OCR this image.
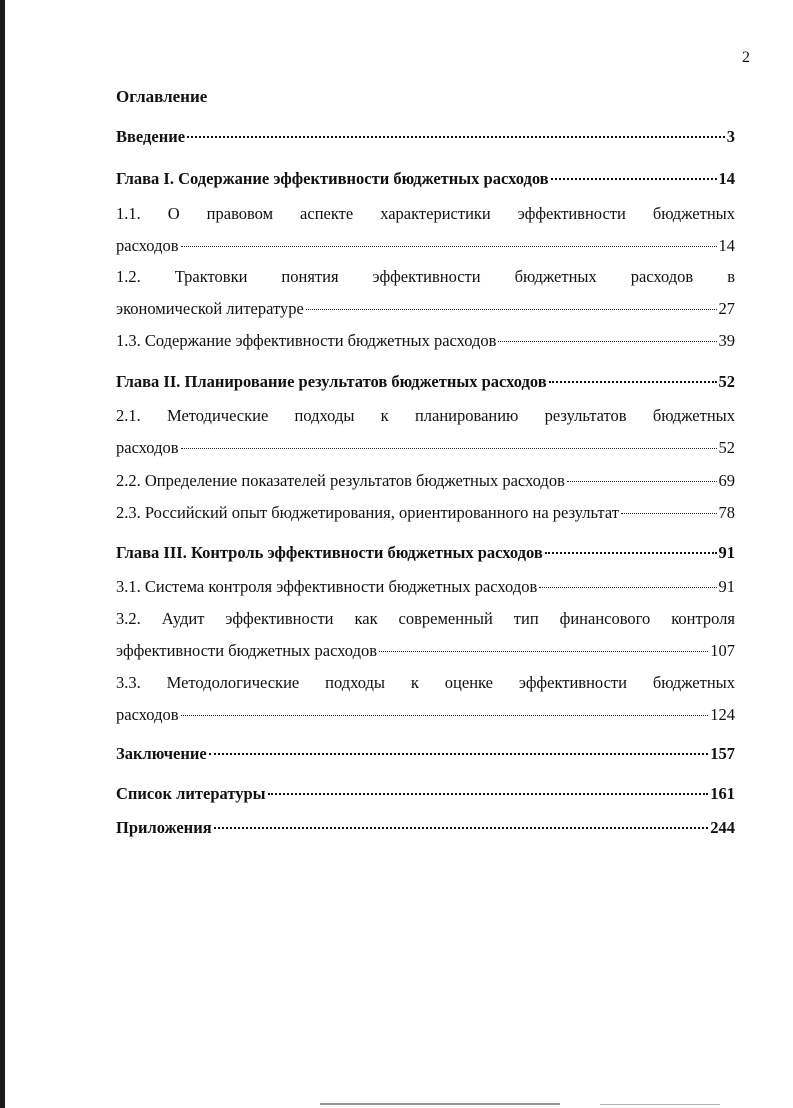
2
Оглавление
Введение	3
Глава I. Содержание эффективности бюджетных расходов	14
1.1. О правовом аспекте характеристики эффективности бюджетных
расходов	14
1.2. Трактовки понятия эффективности бюджетных расходов в
экономической литературе	27
1.3. Содержание эффективности бюджетных расходов	39
Глава II. Планирование результатов бюджетных расходов	52
2.1. Методические подходы к планированию результатов бюджетных
расходов	52
2.2. Определение показателей результатов бюджетных расходов	69
2.3. Российский опыт бюджетирования, ориентированного на результат	78
Глава III. Контроль эффективности бюджетных расходов	91
3.1. Система контроля эффективности бюджетных расходов	91
3.2. Аудит эффективности как современный тип финансового контроля
эффективности бюджетных расходов	107
3.3. Методологические подходы к оценке эффективности бюджетных
расходов	124
Заключение	157
Список литературы	161
Приложения	244
